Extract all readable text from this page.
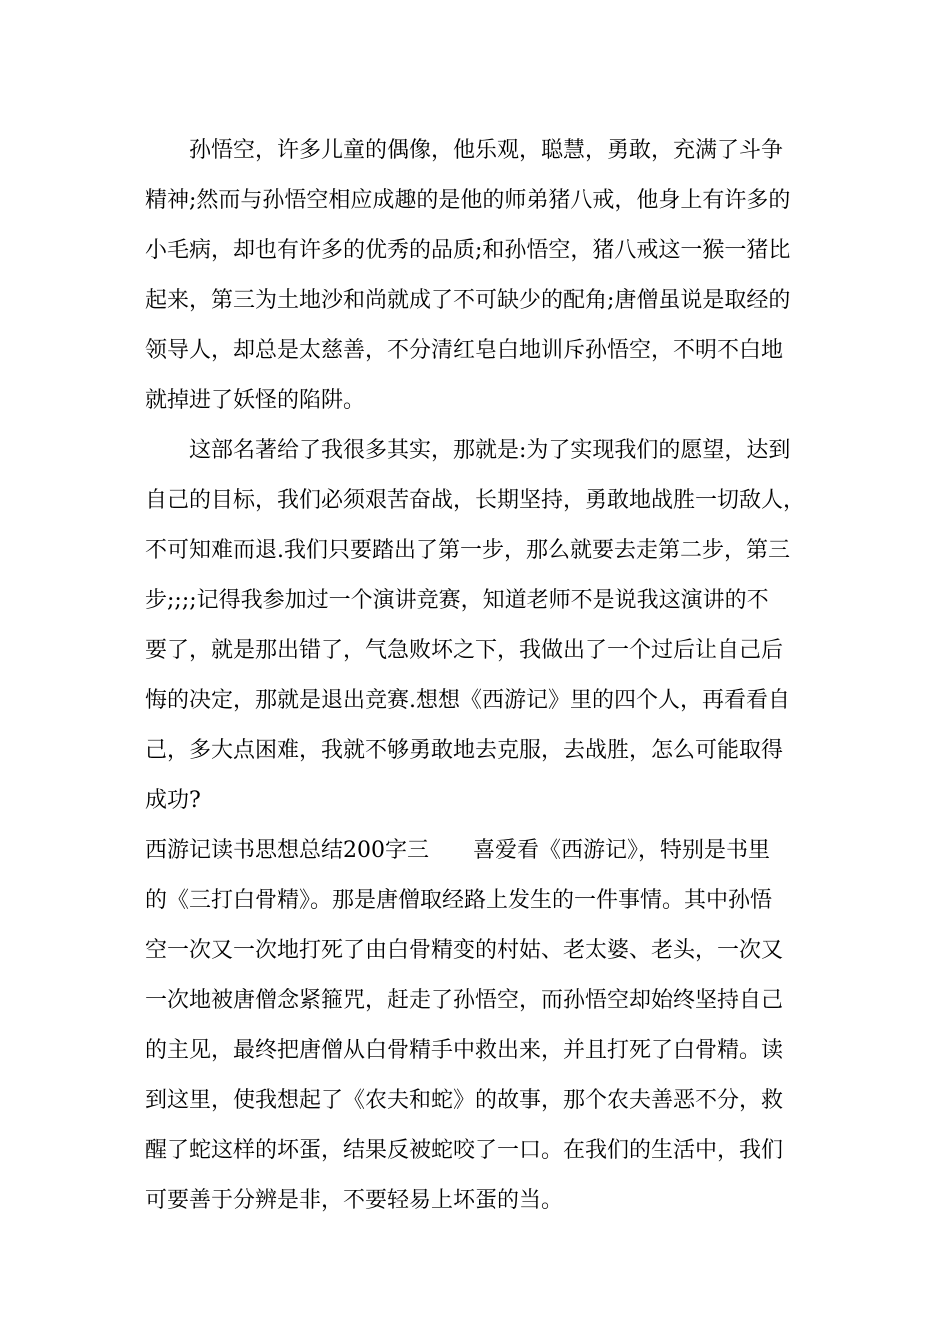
孙悟空，许多儿童的偶像，他乐观，聪慧，勇敢，充满了斗争
精神;然而与孙悟空相应成趣的是他的师弟猪八戒，他身上有许多的
小毛病，却也有许多的优秀的品质;和孙悟空，猪八戒这一猴一猪比
起来，第三为土地沙和尚就成了不可缺少的配角;唐僧虽说是取经的
领导人，却总是太慈善，不分清红皂白地训斥孙悟空，不明不白地
就掉进了妖怪的陷阱。
这部名著给了我很多其实，那就是:为了实现我们的愿望，达到
自己的目标，我们必须艰苦奋战，长期坚持，勇敢地战胜一切敌人，
不可知难而退.我们只要踏出了第一步，那么就要去走第二步，第三
步;;;;记得我参加过一个演讲竞赛，知道老师不是说我这演讲的不
要了，就是那出错了，气急败坏之下，我做出了一个过后让自己后
悔的决定，那就是退出竞赛.想想《西游记》里的四个人，再看看自
己，多大点困难，我就不够勇敢地去克服，去战胜，怎么可能取得
成功?
西游记读书思想总结200字三　　喜爱看《西游记》，特别是书里
的《三打白骨精》。那是唐僧取经路上发生的一件事情。其中孙悟
空一次又一次地打死了由白骨精变的村姑、老太婆、老头，一次又
一次地被唐僧念紧箍咒，赶走了孙悟空，而孙悟空却始终坚持自己
的主见，最终把唐僧从白骨精手中救出来，并且打死了白骨精。读
到这里，使我想起了《农夫和蛇》的故事，那个农夫善恶不分，救
醒了蛇这样的坏蛋，结果反被蛇咬了一口。在我们的生活中，我们
可要善于分辨是非，不要轻易上坏蛋的当。
